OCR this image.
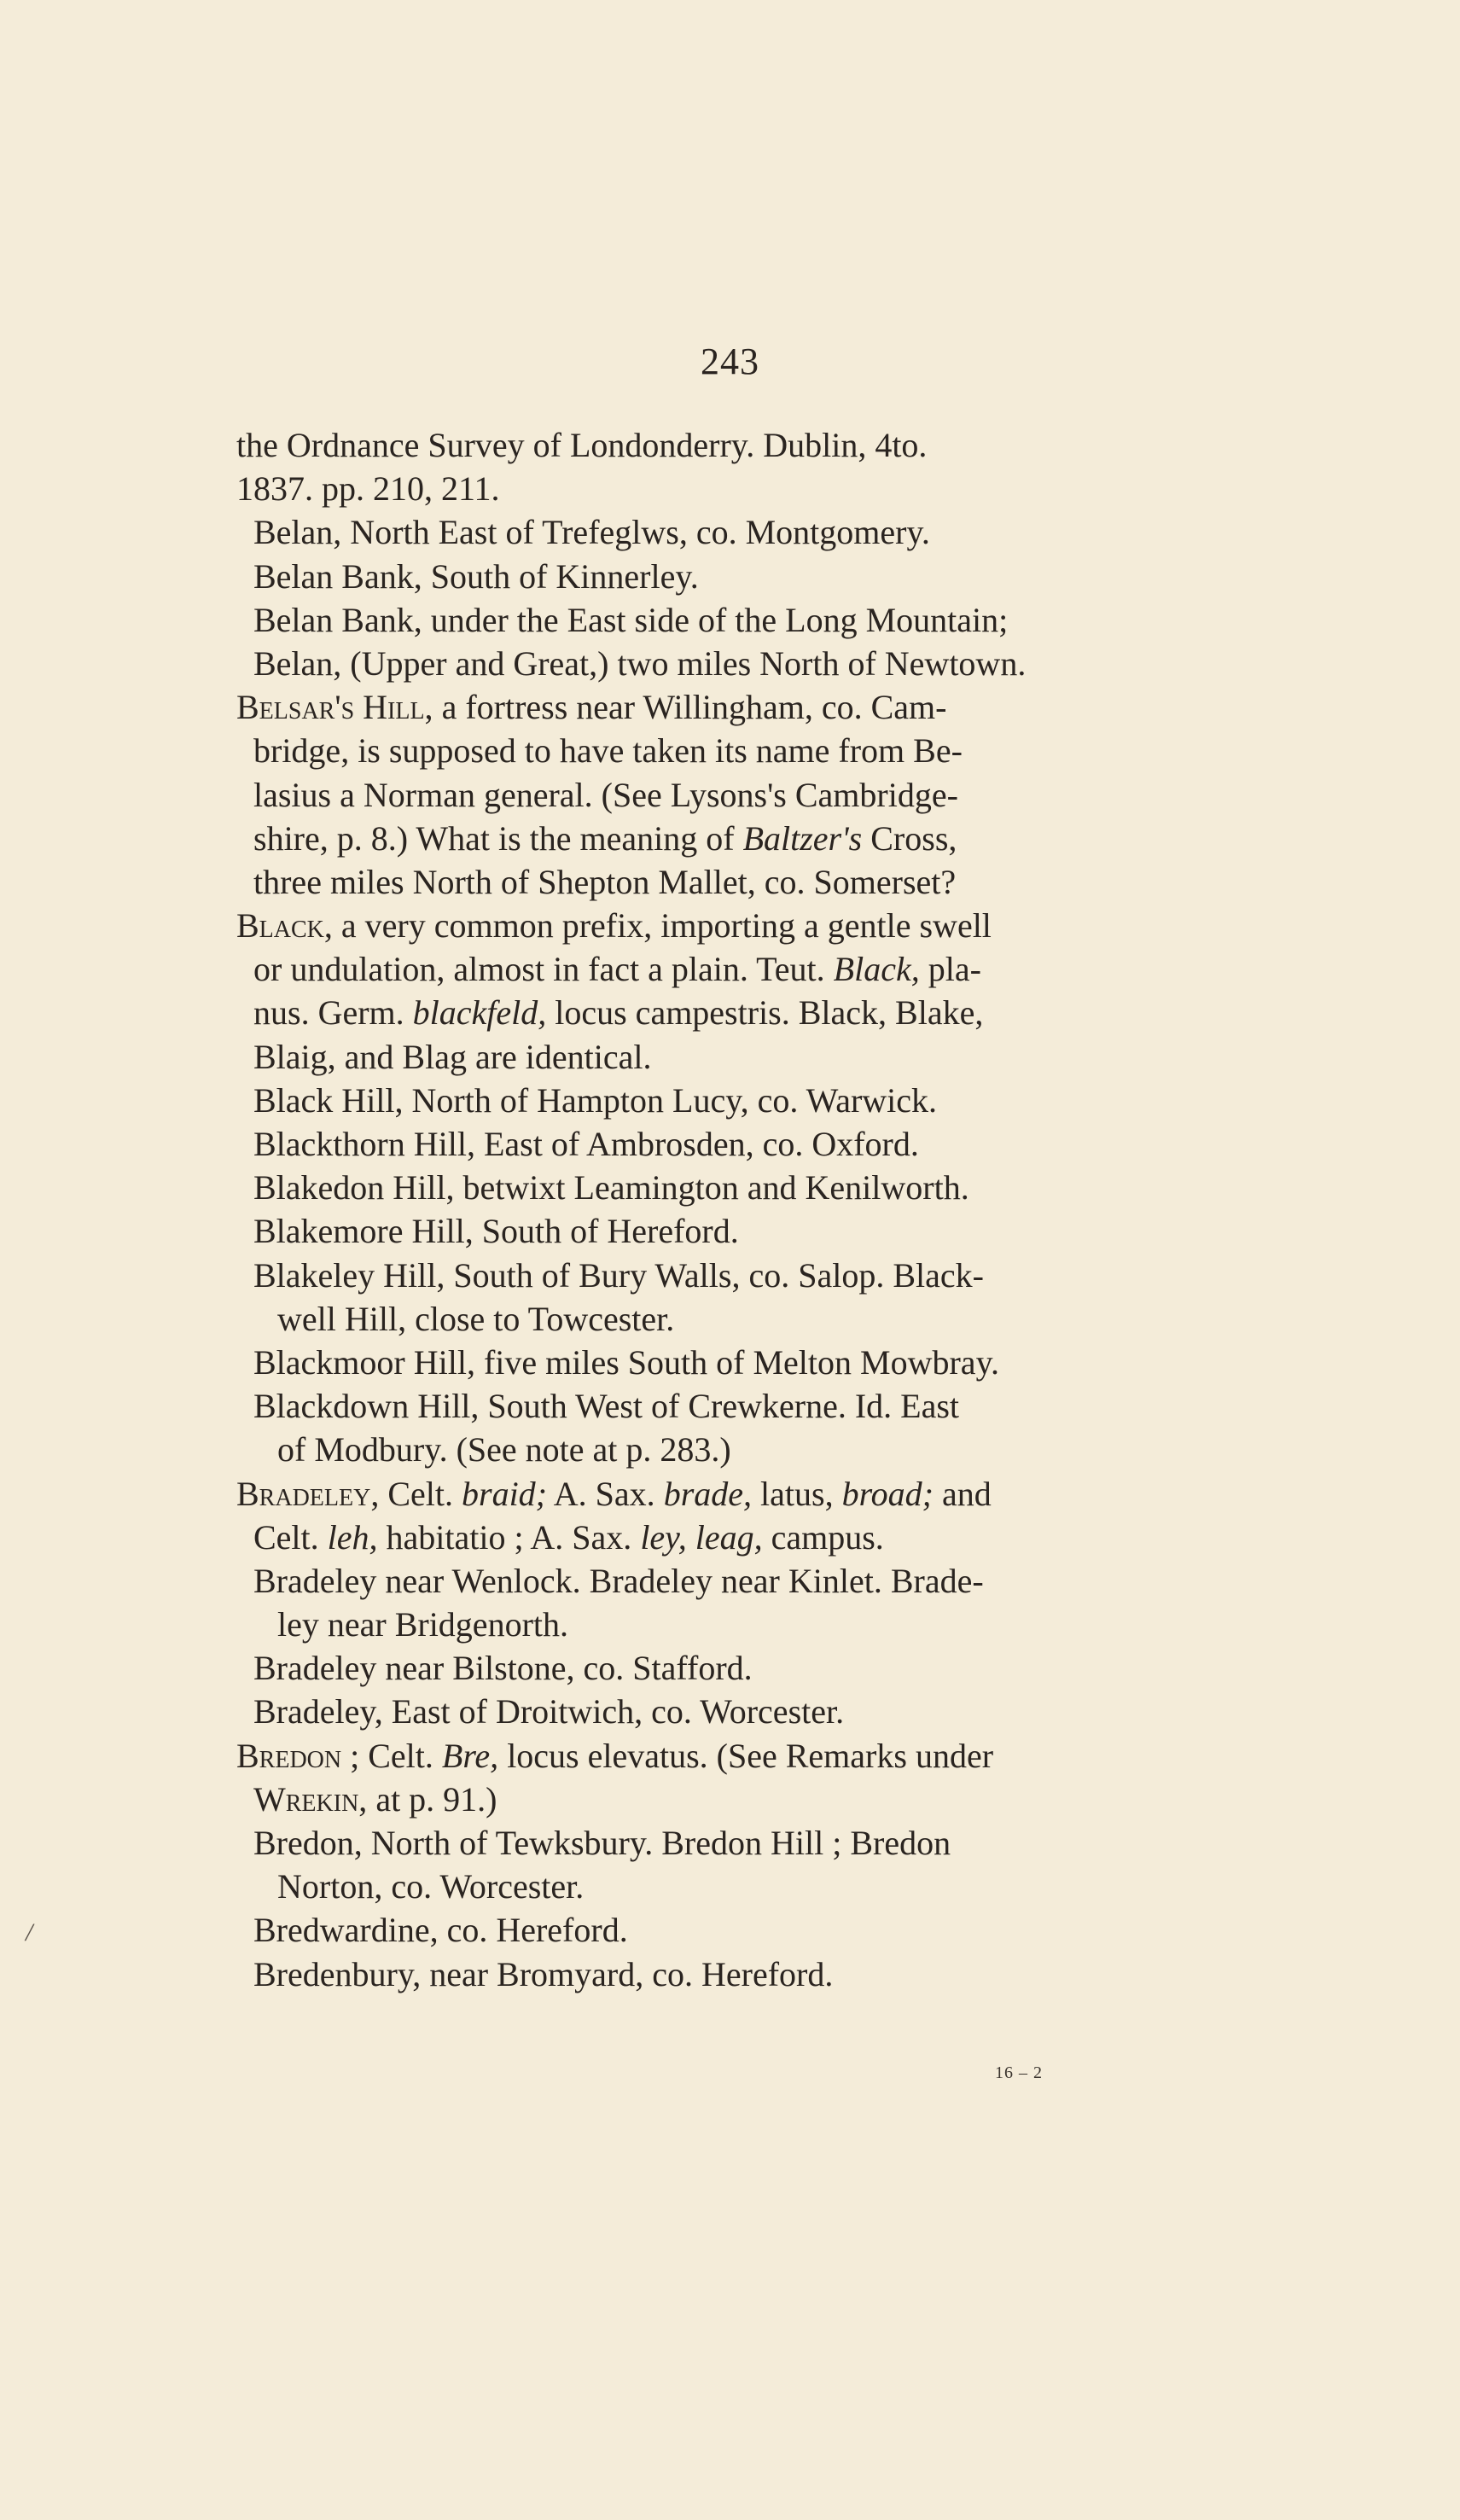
243
the Ordnance Survey of Londonderry. Dublin, 4to.
1837. pp. 210, 211.
Belan, North East of Trefeglws, co. Montgomery.
Belan Bank, South of Kinnerley.
Belan Bank, under the East side of the Long Mountain;
Belan, (Upper and Great,) two miles North of Newtown.
Belsar's Hill, a fortress near Willingham, co. Cam-
bridge, is supposed to have taken its name from Be-
lasius a Norman general. (See Lysons's Cambridge-
shire, p. 8.) What is the meaning of Baltzer's Cross,
three miles North of Shepton Mallet, co. Somerset?
Black, a very common prefix, importing a gentle swell
or undulation, almost in fact a plain. Teut. Black, pla-
nus. Germ. blackfeld, locus campestris. Black, Blake,
Blaig, and Blag are identical.
Black Hill, North of Hampton Lucy, co. Warwick.
Blackthorn Hill, East of Ambrosden, co. Oxford.
Blakedon Hill, betwixt Leamington and Kenilworth.
Blakemore Hill, South of Hereford.
Blakeley Hill, South of Bury Walls, co. Salop. Black-
well Hill, close to Towcester.
Blackmoor Hill, five miles South of Melton Mowbray.
Blackdown Hill, South West of Crewkerne. Id. East
of Modbury. (See note at p. 283.)
Bradeley, Celt. braid; A. Sax. brade, latus, broad; and
Celt. leh, habitatio ; A. Sax. ley, leag, campus.
Bradeley near Wenlock. Bradeley near Kinlet. Brade-
ley near Bridgenorth.
Bradeley near Bilstone, co. Stafford.
Bradeley, East of Droitwich, co. Worcester.
Bredon ; Celt. Bre, locus elevatus. (See Remarks under
Wrekin, at p. 91.)
Bredon, North of Tewksbury. Bredon Hill ; Bredon
Norton, co. Worcester.
Bredwardine, co. Hereford.
Bredenbury, near Bromyard, co. Hereford.
/
16 – 2
